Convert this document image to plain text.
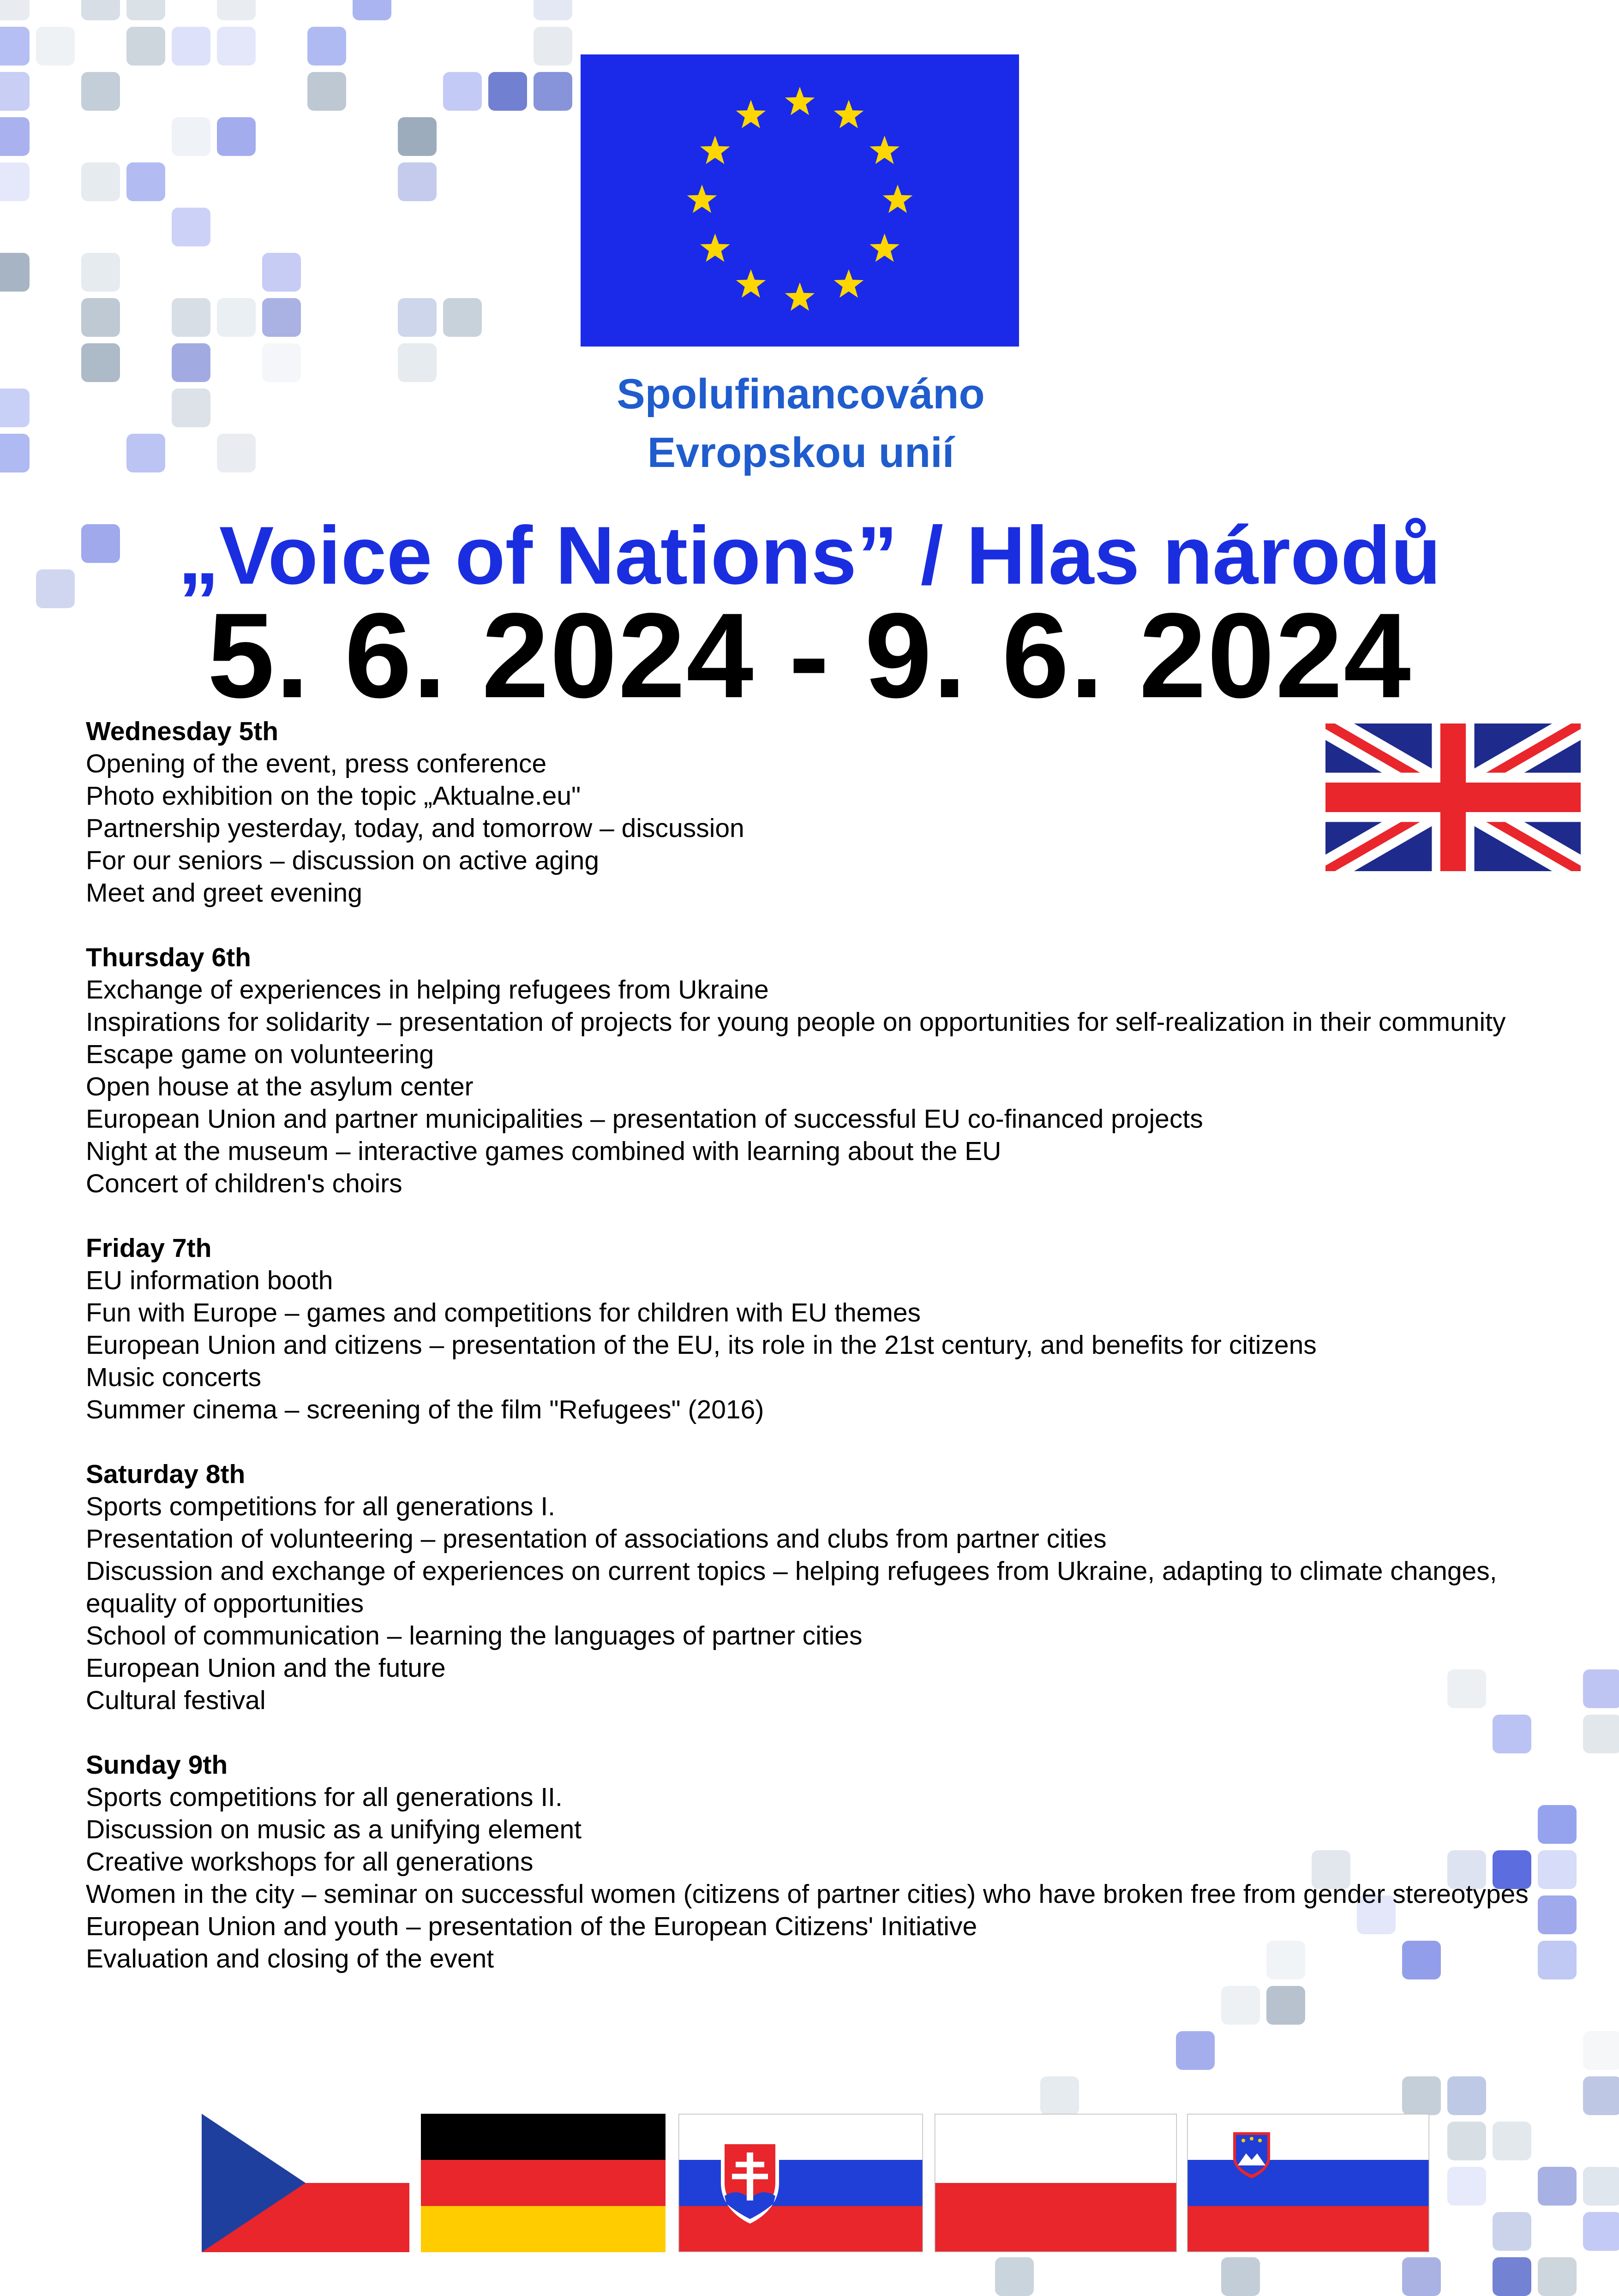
Spolufinancováno
Evropskou unií
„Voice of Nations” / Hlas národů
5. 6. 2024 - 9. 6. 2024
Wednesday 5th
Opening of the event, press conference
Photo exhibition on the topic „Aktualne.eu"
Partnership yesterday, today, and tomorrow – discussion
For our seniors – discussion on active aging
Meet and greet evening
Thursday 6th
Exchange of experiences in helping refugees from Ukraine
Inspirations for solidarity – presentation of projects for young people on opportunities for self-realization in their community
Escape game on volunteering
Open house at the asylum center
European Union and partner municipalities – presentation of successful EU co-financed projects
Night at the museum – interactive games combined with learning about the EU
Concert of children's choirs
Friday 7th
EU information booth
Fun with Europe – games and competitions for children with EU themes
European Union and citizens – presentation of the EU, its role in the 21st century, and benefits for citizens
Music concerts
Summer cinema – screening of the film "Refugees" (2016)
Saturday 8th
Sports competitions for all generations I.
Presentation of volunteering – presentation of associations and clubs from partner cities
Discussion and exchange of experiences on current topics – helping refugees from Ukraine, adapting to climate changes, equality of opportunities
School of communication – learning the languages of partner cities
European Union and the future
Cultural festival
Sunday 9th
Sports competitions for all generations II.
Discussion on music as a unifying element
Creative workshops for all generations
Women in the city – seminar on successful women (citizens of partner cities) who have broken free from gender stereotypes
European Union and youth – presentation of the European Citizens' Initiative
Evaluation and closing of the event
